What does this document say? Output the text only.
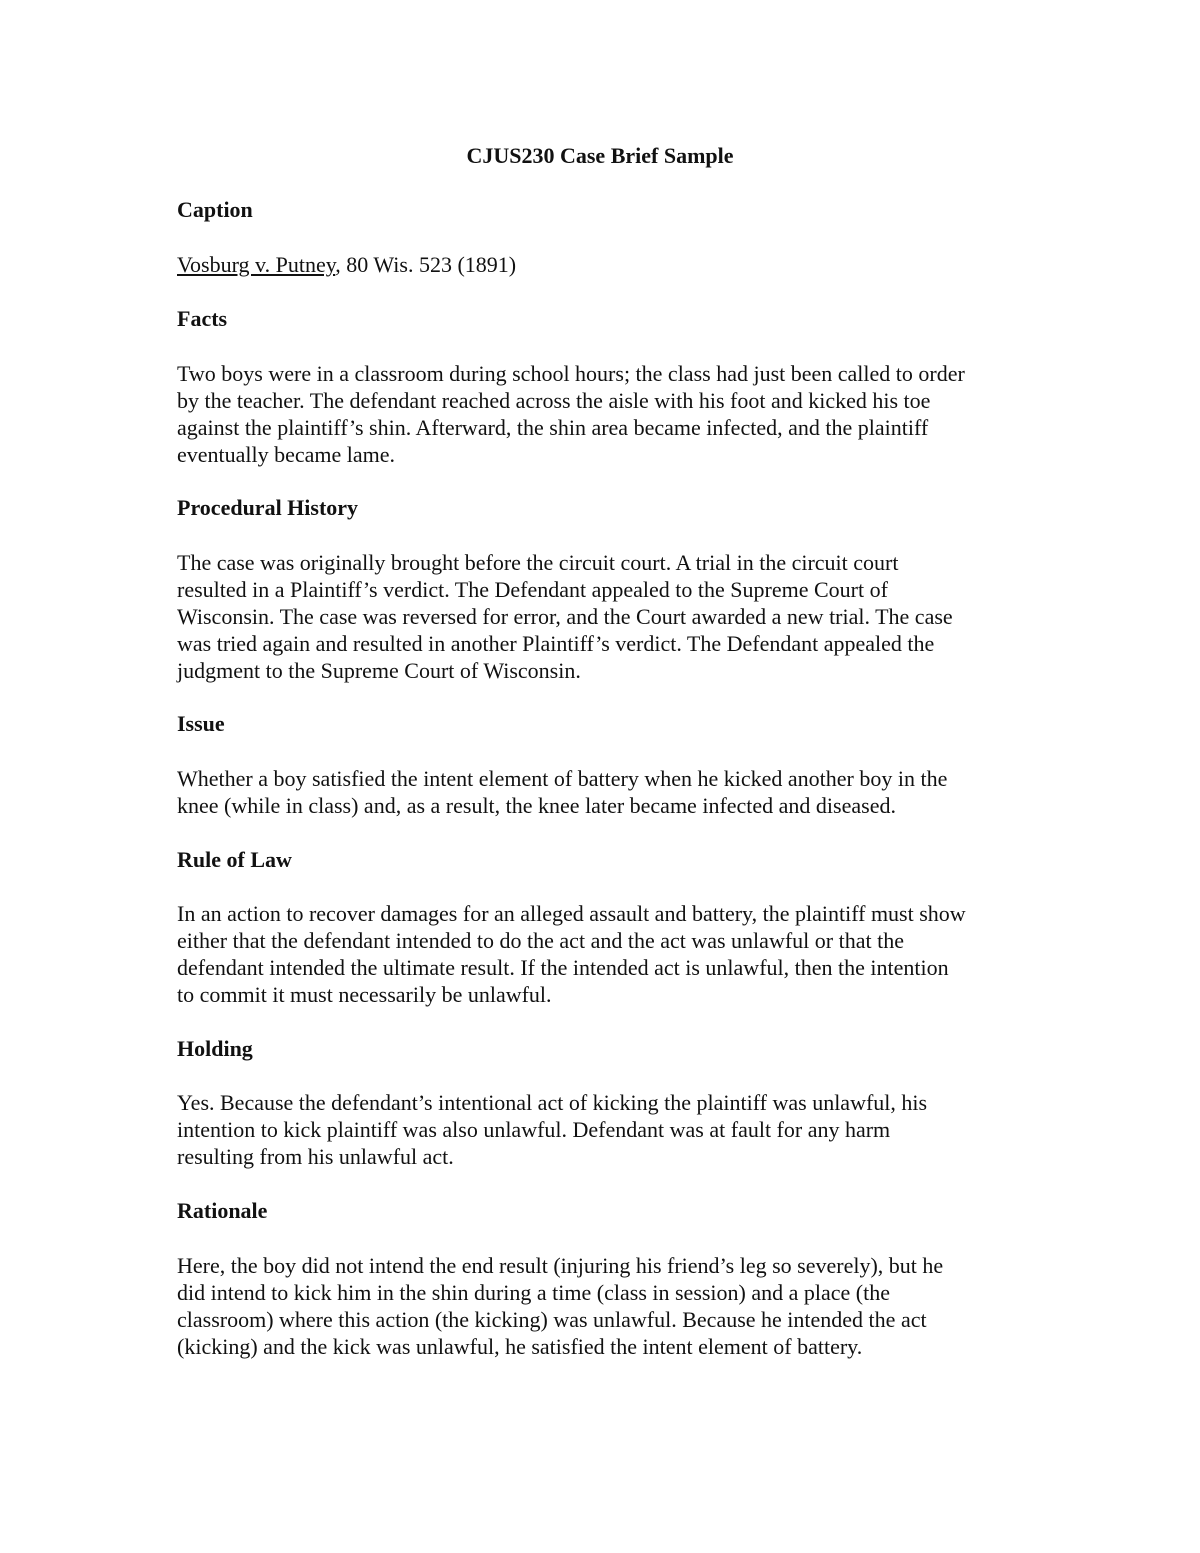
CJUS230 Case Brief Sample
Caption

Vosburg v. Putney, 80 Wis. 523 (1891)

Facts

Two boys were in a classroom during school hours; the class had just been called to order
by the teacher. The defendant reached across the aisle with his foot and kicked his toe
against the plaintiff’s shin. Afterward, the shin area became infected, and the plaintiff
eventually became lame.

Procedural History

The case was originally brought before the circuit court. A trial in the circuit court
resulted in a Plaintiff’s verdict. The Defendant appealed to the Supreme Court of
Wisconsin. The case was reversed for error, and the Court awarded a new trial. The case
was tried again and resulted in another Plaintiff’s verdict. The Defendant appealed the
judgment to the Supreme Court of Wisconsin.

Issue

Whether a boy satisfied the intent element of battery when he kicked another boy in the
knee (while in class) and, as a result, the knee later became infected and diseased.

Rule of Law

In an action to recover damages for an alleged assault and battery, the plaintiff must show
either that the defendant intended to do the act and the act was unlawful or that the
defendant intended the ultimate result. If the intended act is unlawful, then the intention
to commit it must necessarily be unlawful.

Holding

Yes. Because the defendant’s intentional act of kicking the plaintiff was unlawful, his
intention to kick plaintiff was also unlawful. Defendant was at fault for any harm
resulting from his unlawful act.

Rationale

Here, the boy did not intend the end result (injuring his friend’s leg so severely), but he
did intend to kick him in the shin during a time (class in session) and a place (the
classroom) where this action (the kicking) was unlawful. Because he intended the act
(kicking) and the kick was unlawful, he satisfied the intent element of battery.
